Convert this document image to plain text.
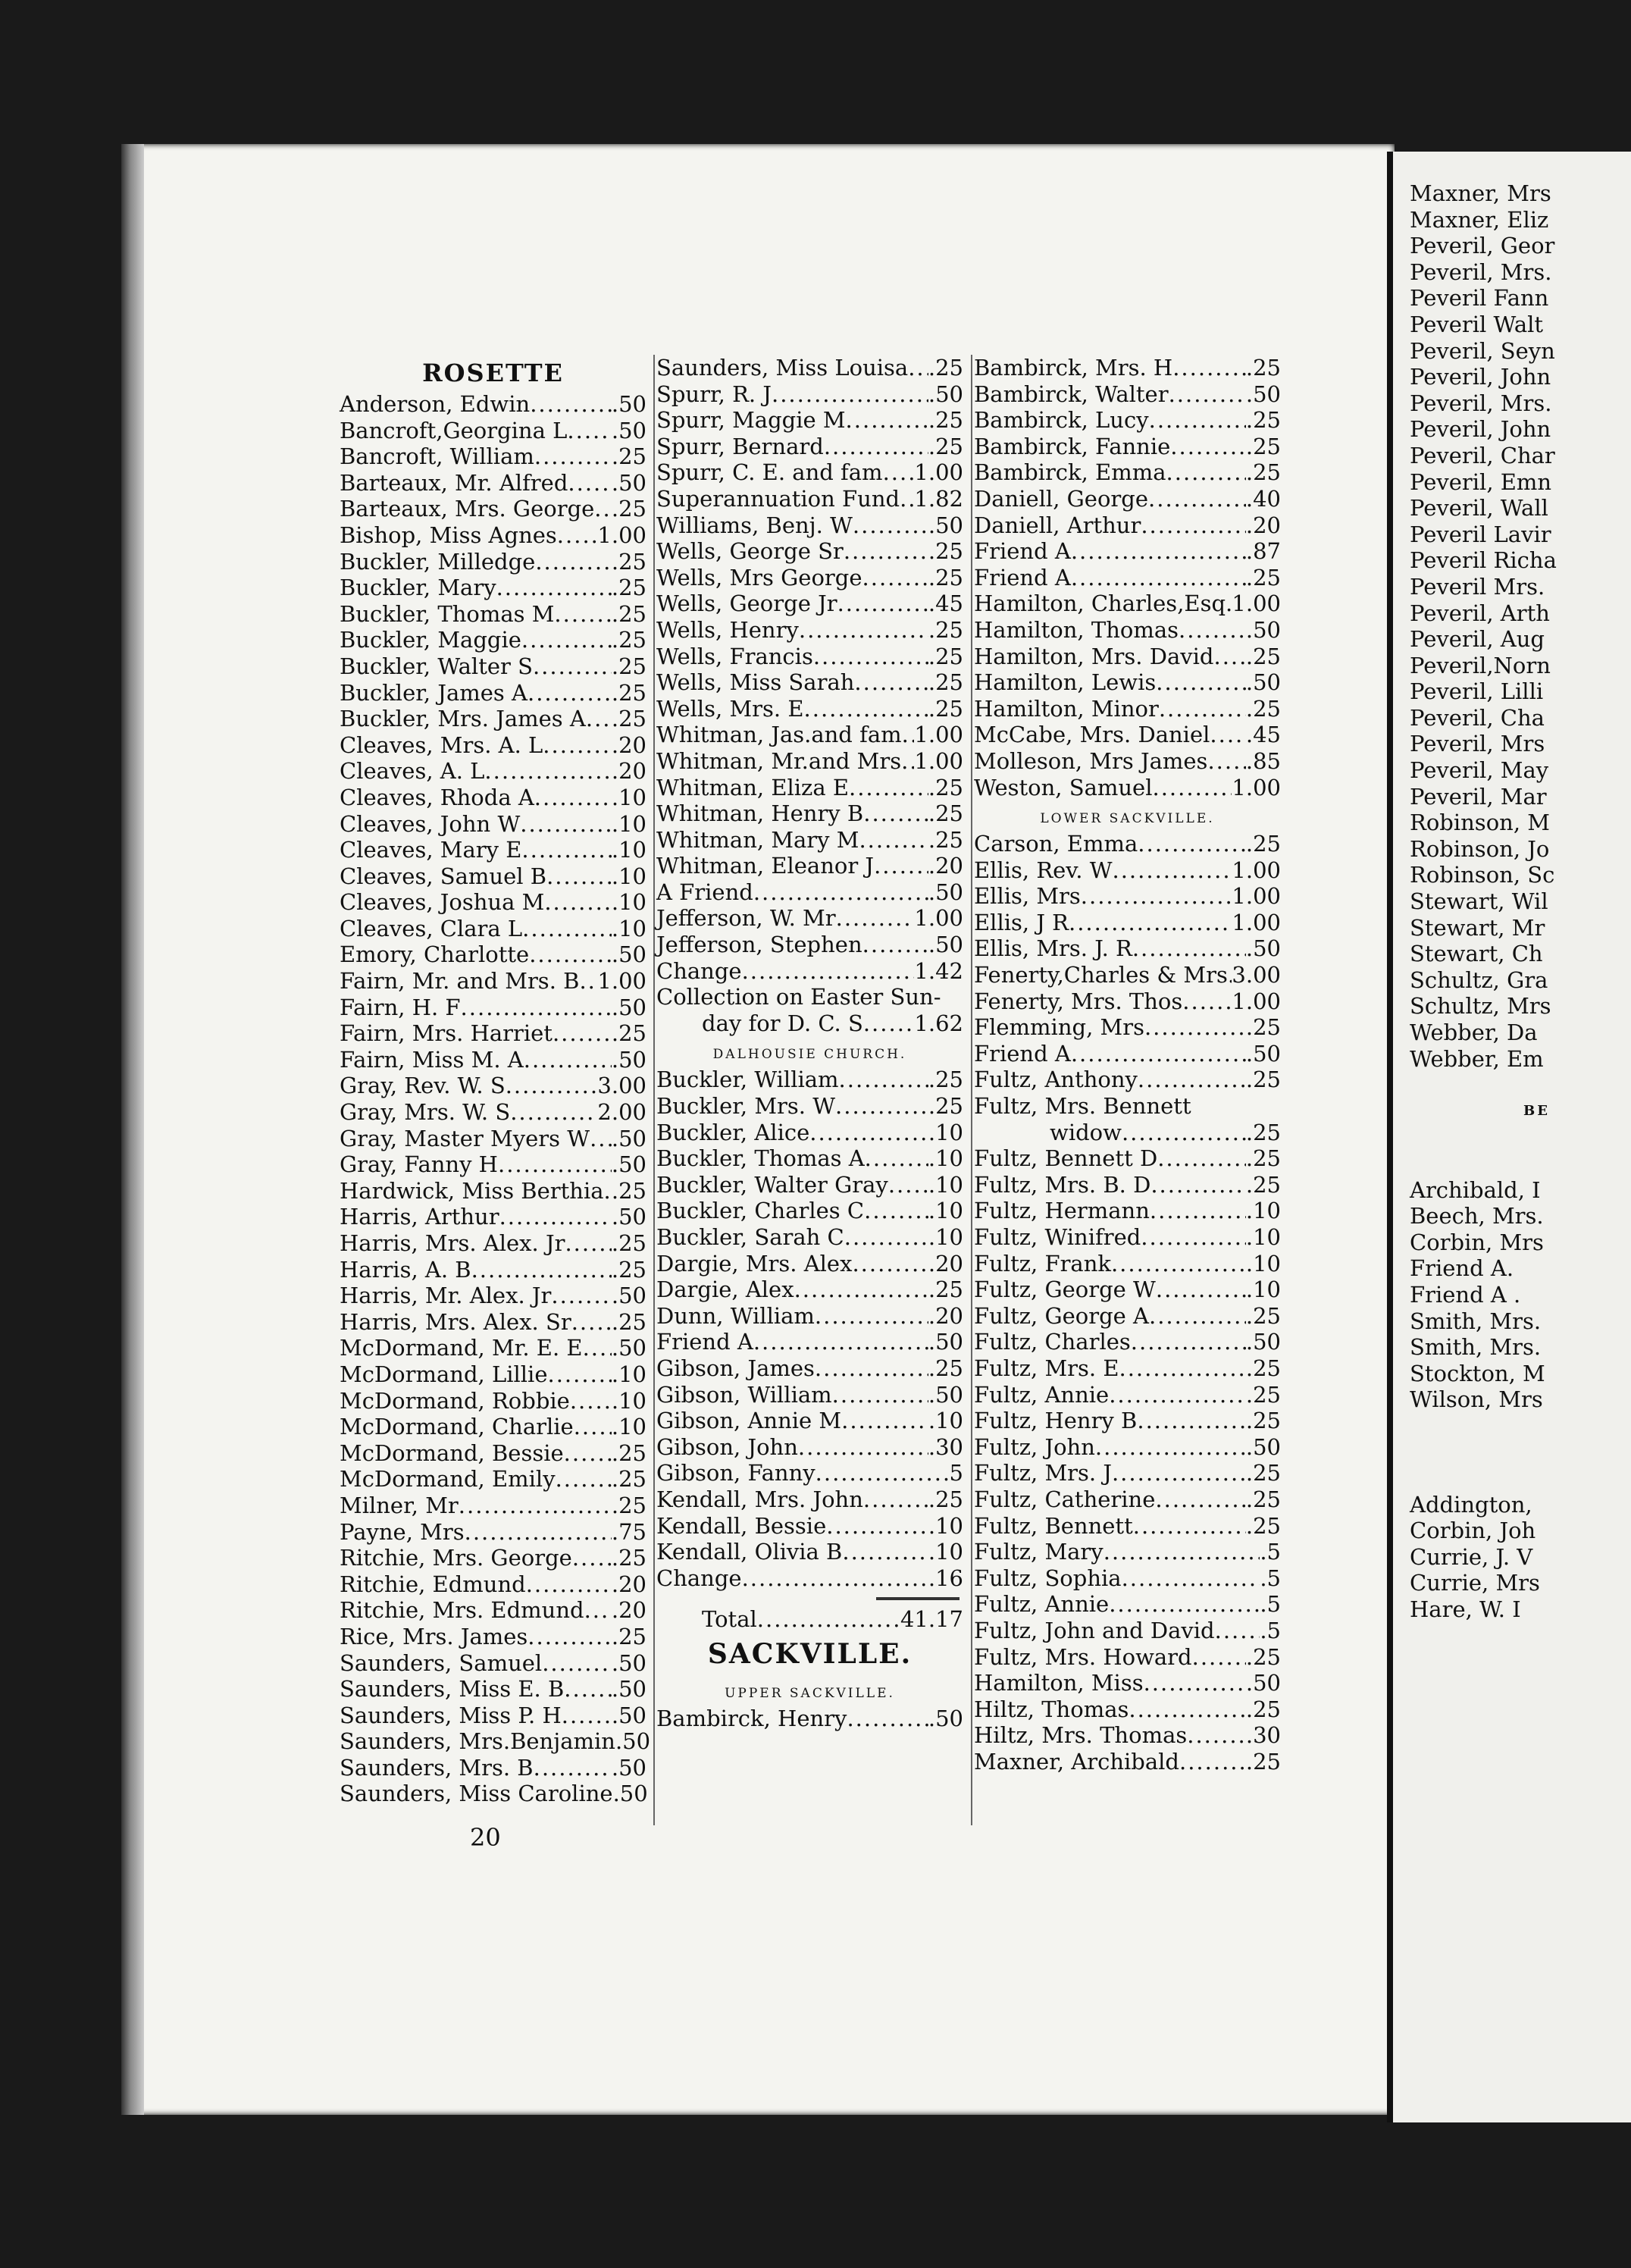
ROSETTE
Anderson, Edwin .....	.50
Bancroft,Georgina L ..... .50
Bancroft, William .....	.25
Barteaux, Mr. Alfred ..... .50
Barteaux, Mrs. George ..... .25
Bishop, Miss Agnes ..... 1.00
Buckler, Milledge .....	.25
Buckler, Mary .....	.25
Buckler, Thomas M .....	.25
Buckler, Maggie .....	.25
Buckler, Walter S .....	.25
Buckler, James A .....	.25
Buckler, Mrs. James A ..... .25
Cleaves, Mrs. A. L .....	.20
Cleaves, A. L .....	.20
Cleaves, Rhoda A .....	.10
Cleaves, John W .....	.10
Cleaves, Mary E .....	.10
Cleaves, Samuel B .....	.10
Cleaves, Joshua M .....	.10
Cleaves, Clara L .....	.10
Emory, Charlotte .....	.50
Fairn, Mr. and Mrs. B ..... 1.00
Fairn, H. F .....	.50
Fairn, Mrs. Harriet .....	.25
Fairn, Miss M. A .....	.50
Gray, Rev. W. S .....	3.00
Gray, Mrs. W. S .....	2.00
Gray, Master Myers W ..... .50
Gray, Fanny H .....	.50
Hardwick, Miss Berthia ..... .25
Harris, Arthur .....	.50
Harris, Mrs. Alex. Jr ..... .25
Harris, A. B .....	.25
Harris, Mr. Alex. Jr .....	.50
Harris, Mrs. Alex. Sr ..... .25
McDormand, Mr. E. E ..... .50
McDormand, Lillie .....	.10
McDormand, Robbie ..... .10
McDormand, Charlie ..... .10
McDormand, Bessie ..... .25
McDormand, Emily .....	.25
Milner, Mr .....	.25
Payne, Mrs .....	.75
Ritchie, Mrs. George ..... .25
Ritchie, Edmund .....	.20
Ritchie, Mrs. Edmund ..... .20
Rice, Mrs. James .....	.25
Saunders, Samuel .....	.50
Saunders, Miss E. B ..... .50
Saunders, Miss P. H ..... .50
Saunders, Mrs.Benjamin .50
Saunders, Mrs. B .....	.50
Saunders, Miss Caroline .50
Saunders, Miss Louisa ..... .25
Spurr, R. J .....	.50
Spurr, Maggie M .....	.25
Spurr, Bernard .....	.25
Spurr, C. E. and fam ..... 1.00
Superannuation Fund ..... 1.82
Williams, Benj. W .....	.50
Wells, George Sr .....	.25
Wells, Mrs George .....	.25
Wells, George Jr .....	.45
Wells, Henry .....	.25
Wells, Francis .....	.25
Wells, Miss Sarah .....	.25
Wells, Mrs. E .....	.25
Whitman, Jas.and fam ..... 1.00
Whitman, Mr.and Mrs ..... 1.00
Whitman, Eliza E .....	.25
Whitman, Henry B .....	.25
Whitman, Mary M .....	.25
Whitman, Eleanor J ..... .20
A Friend .....	.50
Jefferson, W. Mr .....	1.00
Jefferson, Stephen .....	.50
Change .....	1.42
Collection on Easter Sun-
day for D. C. S ..... 1.62
DALHOUSIE CHURCH.
Buckler, William .....	.25
Buckler, Mrs. W .....	.25
Buckler, Alice .....	.10
Buckler, Thomas A .....	.10
Buckler, Walter Gray ..... .10
Buckler, Charles C .....	.10
Buckler, Sarah C .....	.10
Dargie, Mrs. Alex .....	.20
Dargie, Alex .....	.25
Dunn, William .....	.20
Friend A .....	.50
Gibson, James .....	.25
Gibson, William .....	.50
Gibson, Annie M .....	.10
Gibson, John .....	.30
Gibson, Fanny .....	5
Kendall, Mrs. John .....	.25
Kendall, Bessie .....	.10
Kendall, Olivia B .....	.10
Change .....	.16
Total .....	41.17
SACKVILLE.
UPPER SACKVILLE.
Bambirck, Henry .....	.50
Bambirck, Mrs. H .....	.25
Bambirck, Walter .....	.50
Bambirck, Lucy .....	.25
Bambirck, Fannie .....	.25
Bambirck, Emma .....	.25
Daniell, George .....	.40
Daniell, Arthur .....	.20
Friend A .....	.87
Friend A .....	.25
Hamilton, Charles,Esq ..... 1.00
Hamilton, Thomas .....	.50
Hamilton, Mrs. David ..... .25
Hamilton, Lewis .....	.50
Hamilton, Minor .....	.25
McCabe, Mrs. Daniel ..... .45
Molleson, Mrs James ..... .85
Weston, Samuel .....	1.00
LOWER SACKVILLE.
Carson, Emma .....	.25
Ellis, Rev. W .....	1.00
Ellis, Mrs .....	1.00
Ellis, J R .....	1.00
Ellis, Mrs. J. R .....	.50
Fenerty,Charles & Mrs ..... 3.00
Fenerty, Mrs. Thos ..... 1.00
Flemming, Mrs .....	.25
Friend A .....	.50
Fultz, Anthony .....	.25
Fultz, Mrs. Bennett
widow .....	.25
Fultz, Bennett D .....	.25
Fultz, Mrs. B. D .....	.25
Fultz, Hermann .....	.10
Fultz, Winifred .....	.10
Fultz, Frank .....	.10
Fultz, George W .....	.10
Fultz, George A .....	.25
Fultz, Charles .....	.50
Fultz, Mrs. E .....	.25
Fultz, Annie .....	.25
Fultz, Henry B .....	.25
Fultz, John .....	.50
Fultz, Mrs. J .....	.25
Fultz, Catherine .....	.25
Fultz, Bennett .....	.25
Fultz, Mary .....	.5
Fultz, Sophia .....	.5
Fultz, Annie .....	.5
Fultz, John and David ..... .5
Fultz, Mrs. Howard ..... .25
Hamilton, Miss .....	.50
Hiltz, Thomas .....	.25
Hiltz, Mrs. Thomas .....	.30
Maxner, Archibald .....	.25
20
Maxner, Mrs
Maxner, Eliz
Peveril, Geor
Peveril, Mrs.
Peveril Fann
Peveril Walt
Peveril, Seyn
Peveril, John
Peveril, Mrs.
Peveril, John
Peveril, Char
Peveril, Emn
Peveril, Wall
Peveril Lavir
Peveril Richa
Peveril Mrs.
Peveril, Arth
Peveril, Aug
Peveril,Norn
Peveril, Lilli
Peveril, Cha
Peveril, Mrs
Peveril, May
Peveril, Mar
Robinson, M
Robinson, Jo
Robinson, Sc
Stewart, Wil
Stewart, Mr
Stewart, Ch
Schultz, Gra
Schultz, Mrs
Webber, Da
Webber, Em
BE
Archibald, I
Beech, Mrs.
Corbin, Mrs
Friend A.
Friend A .
Smith, Mrs.
Smith, Mrs.
Stockton, M
Wilson, Mrs
Addington,
Corbin, Joh
Currie, J. V
Currie, Mrs
Hare, W. I
